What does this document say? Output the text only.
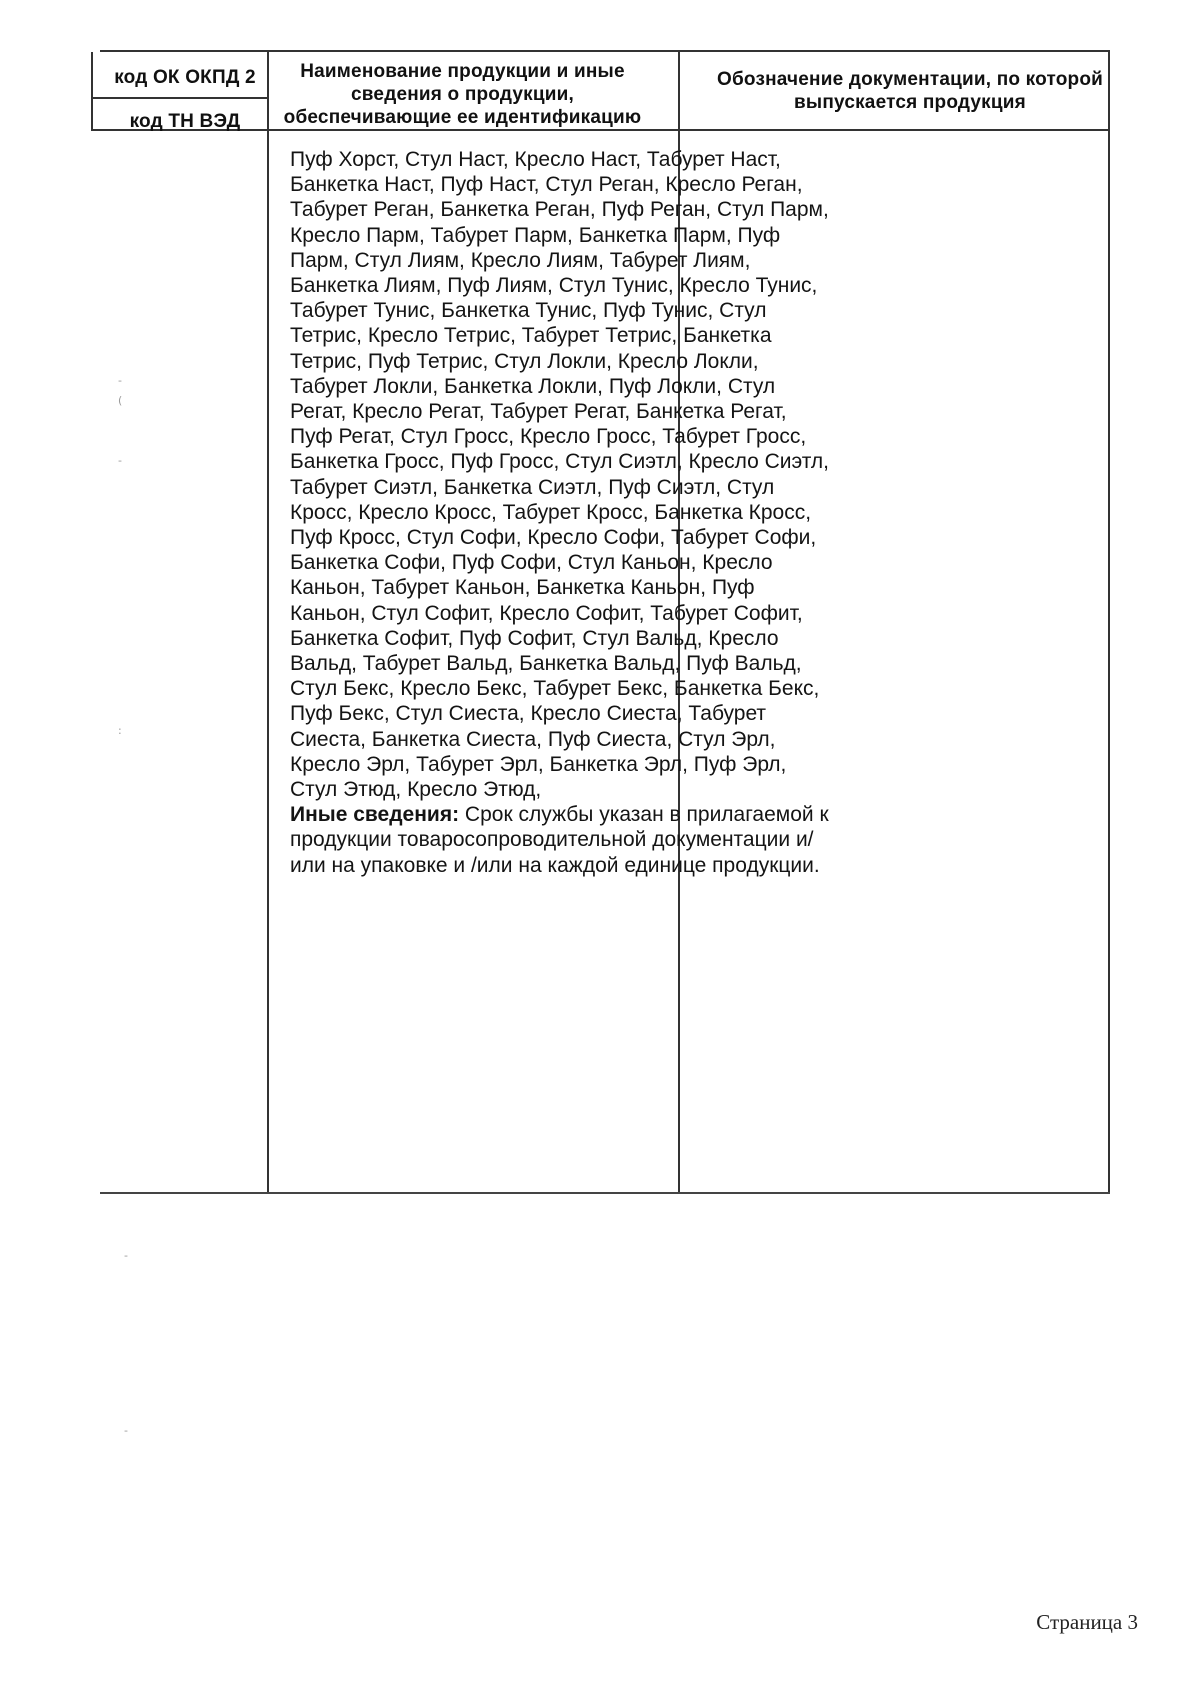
код ОК ОКПД 2
код ТН ВЭД
Наименование продукции и иные сведения о продукции, обеспечивающие ее идентификацию
Обозначение документации, по которой выпускается продукция
Пуф Хорст, Стул Наст, Кресло Наст, Табурет Наст, Банкетка Наст, Пуф Наст, Стул Реган, Кресло Реган, Табурет Реган, Банкетка Реган, Пуф Реган, Стул Парм, Кресло Парм, Табурет Парм, Банкетка Парм, Пуф Парм, Стул Лиям, Кресло Лиям, Табурет Лиям, Банкетка Лиям, Пуф Лиям, Стул Тунис, Кресло Тунис, Табурет Тунис, Банкетка Тунис, Пуф Тунис, Стул Тетрис, Кресло Тетрис, Табурет Тетрис, Банкетка Тетрис, Пуф Тетрис, Стул Локли, Кресло Локли, Табурет Локли, Банкетка Локли, Пуф Локли, Стул Регат, Кресло Регат, Табурет Регат, Банкетка Регат, Пуф Регат, Стул Гросс, Кресло Гросс, Табурет Гросс, Банкетка Гросс, Пуф Гросс, Стул Сиэтл, Кресло Сиэтл, Табурет Сиэтл, Банкетка Сиэтл, Пуф Сиэтл, Стул Кросс, Кресло Кросс, Табурет Кросс, Банкетка Кросс, Пуф Кросс, Стул Софи, Кресло Софи, Табурет Софи, Банкетка Софи, Пуф Софи, Стул Каньон, Кресло Каньон, Табурет Каньон, Банкетка Каньон, Пуф Каньон, Стул Софит, Кресло Софит, Табурет Софит, Банкетка Софит, Пуф Софит, Стул Вальд, Кресло Вальд, Табурет Вальд, Банкетка Вальд, Пуф Вальд, Стул Бекс, Кресло Бекс, Табурет Бекс, Банкетка Бекс, Пуф Бекс, Стул Сиеста, Кресло Сиеста, Табурет Сиеста, Банкетка Сиеста, Пуф Сиеста, Стул Эрл, Кресло Эрл, Табурет Эрл, Банкетка Эрл, Пуф Эрл, Стул Этюд, Кресло Этюд,
Иные сведения: Срок службы указан в прилагаемой к продукции товаросопроводительной документации и/или на упаковке и /или на каждой единице продукции.
-
(
-
:
-
-
Страница 3
